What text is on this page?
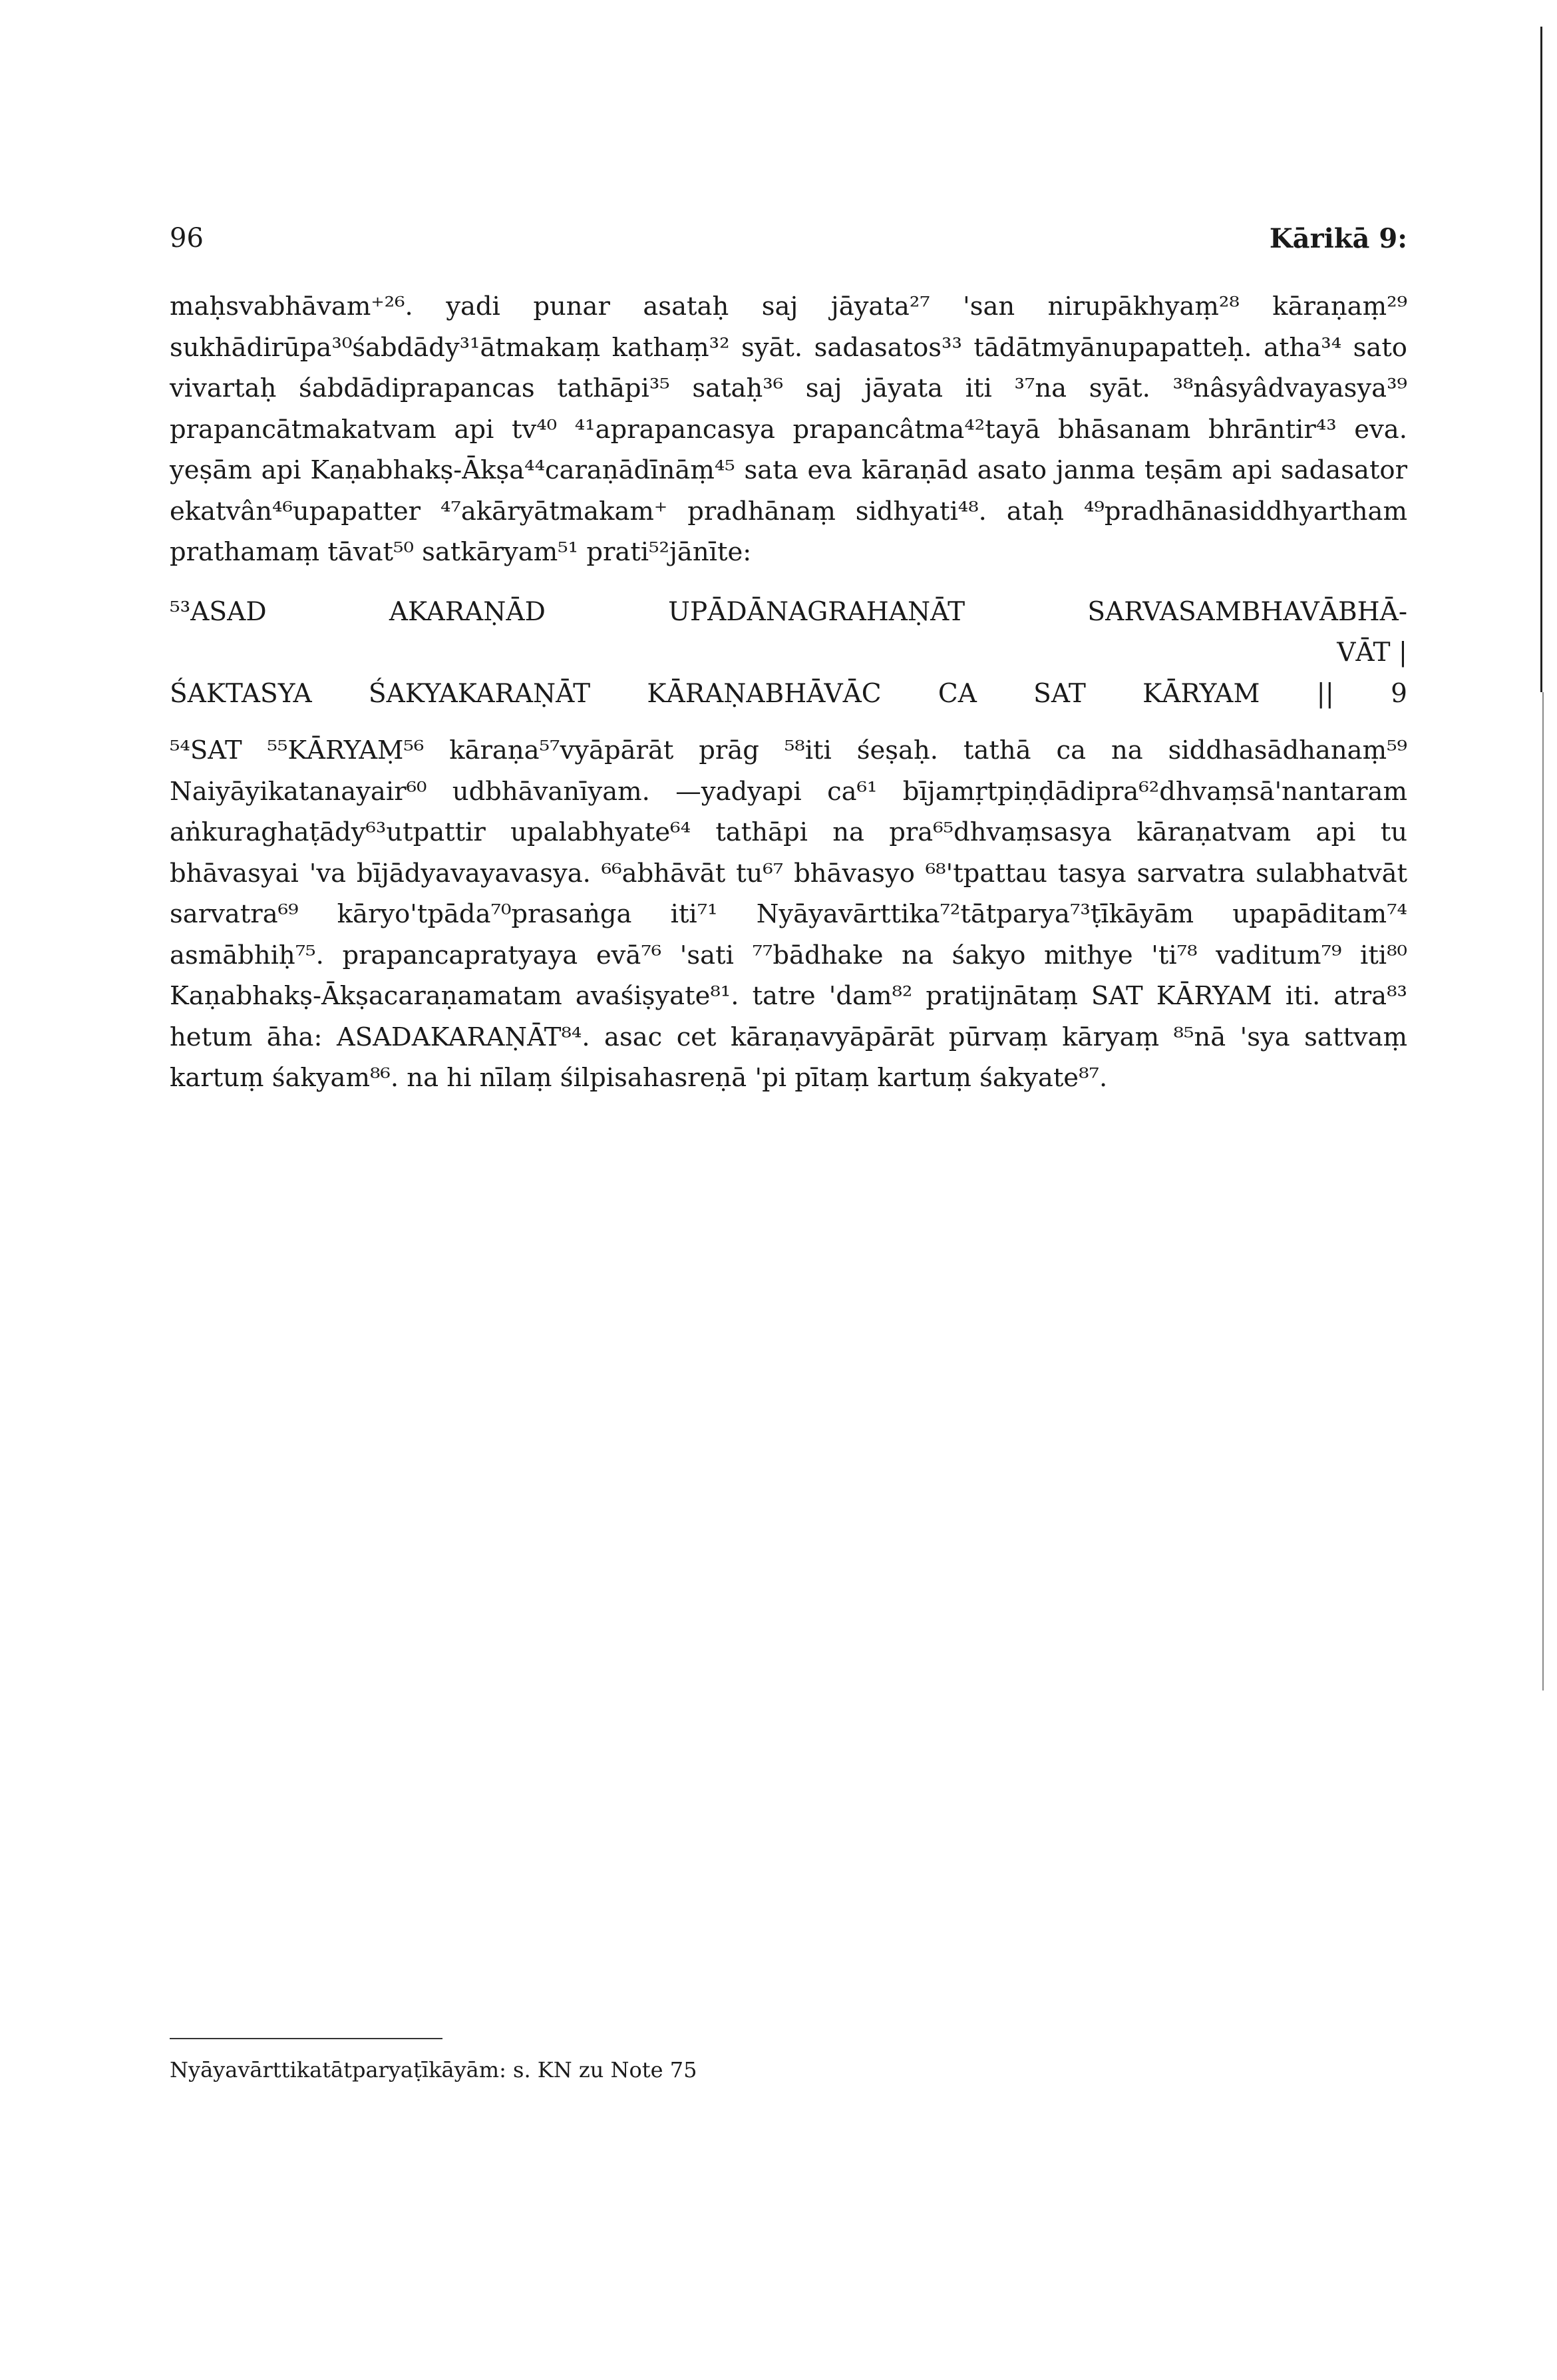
96	Kārikā 9:

maḥsvabhāvam⁺²⁶. yadi punar asataḥ saj jāyata²⁷ 'san nirupākhyaṃ²⁸ kāraṇaṃ²⁹ sukhādirūpa³⁰śabdādy³¹ātmakaṃ kathaṃ³² syāt. sadasatos³³ tādātmyānupapatteḥ. atha³⁴ sato vivartaḥ śabdādiprapancas tathāpi³⁵ sataḥ³⁶ saj jāyata iti ³⁷na syāt. ³⁸nâsyâdvayasya³⁹ prapancātmakatvam api tv⁴⁰ ⁴¹aprapancasya prapancâtma⁴²tayā bhāsanam bhrāntir⁴³ eva. yeṣām api Kaṇabhakṣ-Ākṣa⁴⁴caraṇādīnāṃ⁴⁵ sata eva kāraṇād asato janma teṣām api sadasator ekatvân⁴⁶upapatter ⁴⁷akāryātmakam⁺ pradhānaṃ sidhyati⁴⁸. ataḥ ⁴⁹pradhānasiddhyartham prathamaṃ tāvat⁵⁰ satkāryam⁵¹ prati⁵²jānīte:

⁵³ASAD AKARAṆĀD UPĀDĀNAGRAHAṆĀT SARVASAMBHAVĀBHĀ-
VĀT |
ŚAKTASYA ŚAKYAKARAṆĀT KĀRAṆABHĀVĀC CA SAT KĀRYAM || 9

⁵⁴SAT ⁵⁵KĀRYAṂ⁵⁶ kāraṇa⁵⁷vyāpārāt prāg ⁵⁸iti śeṣaḥ. tathā ca na siddhasādhanaṃ⁵⁹ Naiyāyikatanayair⁶⁰ udbhāvanīyam. —yadyapi ca⁶¹ bījamṛtpiṇḍādipra⁶²dhvaṃsā'nantaram aṅkuraghaṭādy⁶³utpattir upalabhyate⁶⁴ tathāpi na pra⁶⁵dhvaṃsasya kāraṇatvam api tu bhāvasyai 'va bījādyavayavasya. ⁶⁶abhāvāt tu⁶⁷ bhāvasyo ⁶⁸'tpattau tasya sarvatra sulabhatvāt sarvatra⁶⁹ kāryo'tpāda⁷⁰prasaṅga iti⁷¹ Nyāyavārttika⁷²tātparya⁷³ṭīkāyām upapāditam⁷⁴ asmābhiḥ⁷⁵. prapancapratyaya evā⁷⁶ 'sati ⁷⁷bādhake na śakyo mithye 'ti⁷⁸ vaditum⁷⁹ iti⁸⁰ Kaṇabhakṣ-Ākṣacaraṇamatam avaśiṣyate⁸¹. tatre 'dam⁸² pratijnātaṃ SAT KĀRYAM iti. atra⁸³ hetum āha: ASADAKARAṆĀT⁸⁴. asac cet kāraṇavyāpārāt pūrvaṃ kāryaṃ ⁸⁵nā 'sya sattvaṃ kartuṃ śakyam⁸⁶. na hi nīlaṃ śilpisahasreṇā 'pi pītaṃ kartuṃ śakyate⁸⁷.

Nyāyavārttikatātparyaṭīkāyām: s. KN zu Note 75
